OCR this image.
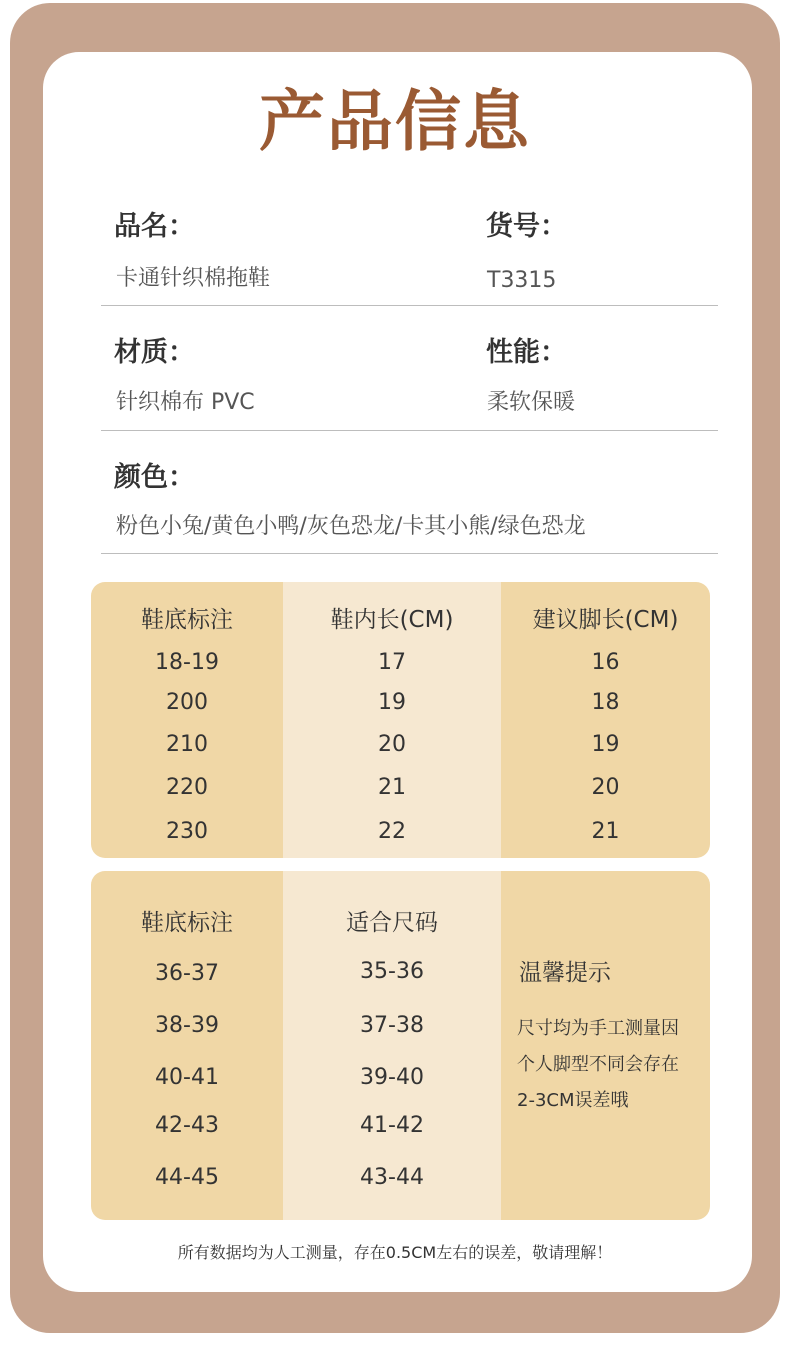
产品信息
品名：
卡通针织棉拖鞋
货号：
T3315
材质：
针织棉布 PVC
性能：
柔软保暖
颜色：
粉色小兔/黄色小鸭/灰色恐龙/卡其小熊/绿色恐龙
鞋底标注
18-19
200
210
220
230
鞋内长(CM)
17
19
20
21
22
建议脚长(CM)
16
18
19
20
21
鞋底标注
36-37
38-39
40-41
42-43
44-45
适合尺码
35-36
37-38
39-40
41-42
43-44
温馨提示
尺寸均为手工测量因
个人脚型不同会存在
2-3CM误差哦
所有数据均为人工测量，存在0.5CM左右的误差，敬请理解！
